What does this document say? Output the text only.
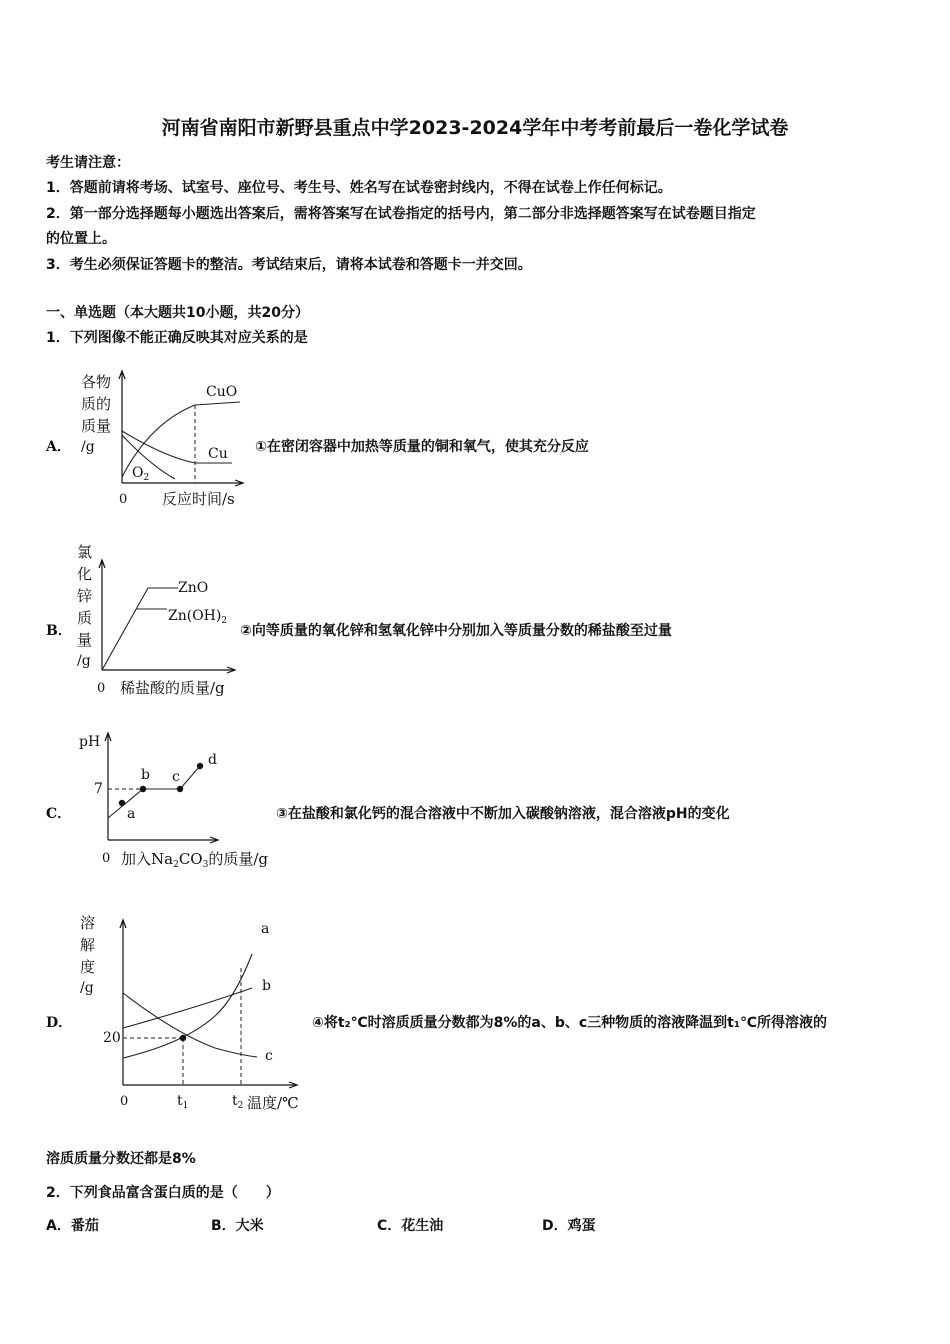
河南省南阳市新野县重点中学2023-2024学年中考考前最后一卷化学试卷
考生请注意：
1．答题前请将考场、试室号、座位号、考生号、姓名写在试卷密封线内，不得在试卷上作任何标记。
2．第一部分选择题每小题选出答案后，需将答案写在试卷指定的括号内，第二部分非选择题答案写在试卷题目指定
的位置上。
3．考生必须保证答题卡的整洁。考试结束后，请将本试卷和答题卡一并交回。
一、单选题（本大题共10小题，共20分）
1．下列图像不能正确反映其对应关系的是
A．
各物
质的
质量
/g
CuO
Cu
$O_2$
0 反应时间/s
①在密闭容器中加热等质量的铜和氧气，使其充分反应
B．
氯
化
锌
质
量
/g
ZnO
$Zn(OH)_2$
0 稀盐酸的质量/g
②向等质量的氧化锌和氢氧化锌中分别加入等质量分数的稀盐酸至过量
C．
pH
7
a
b c
d
0 加入$Na_2CO_3$的质量/g
③在盐酸和氯化钙的混合溶液中不断加入碳酸钠溶液，混合溶液pH的变化
D．
溶
解
度
/g
20
a
b
c
0	$t_1$	$t_2$ 温度/℃
④将t₂℃时溶质质量分数都为8%的a、b、c三种物质的溶液降温到t₁℃所得溶液的
溶质质量分数还都是8%
2．下列食品富含蛋白质的是（　　）
A．番茄	B．大米	C．花生油	D．鸡蛋
